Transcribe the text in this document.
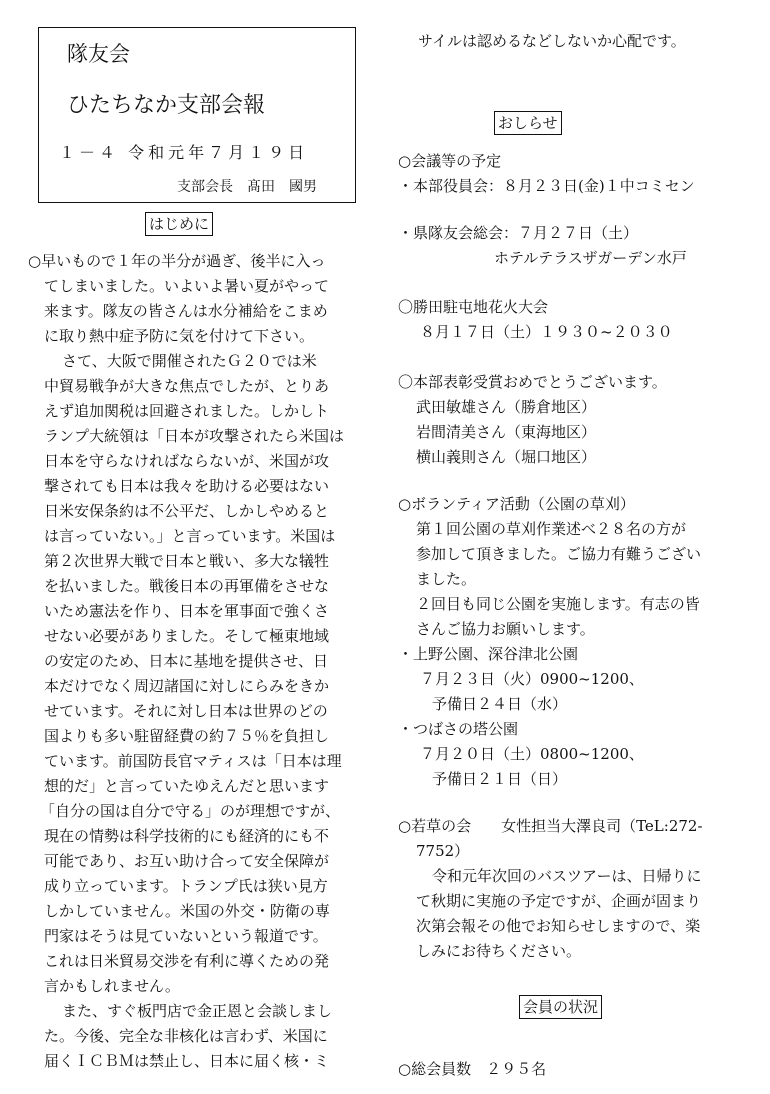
隊友会
ひたちなか支部会報
１－４ 令和元年７月１９日
支部会長　髙田　國男
はじめに
○早いもので１年の半分が過ぎ、後半に入っ
てしまいました。いよいよ暑い夏がやって
来ます。隊友の皆さんは水分補給をこまめ
に取り熱中症予防に気を付けて下さい。
さて、大阪で開催されたＧ２０では米
中貿易戦争が大きな焦点でしたが、とりあ
えず追加関税は回避されました。しかしト
ランプ大統領は「日本が攻撃されたら米国は
日本を守らなければならないが、米国が攻
撃されても日本は我々を助ける必要はない
日米安保条約は不公平だ、しかしやめると
は言っていない。」と言っています。米国は
第２次世界大戦で日本と戦い、多大な犠牲
を払いました。戦後日本の再軍備をさせな
いため憲法を作り、日本を軍事面で強くさ
せない必要がありました。そして極東地域
の安定のため、日本に基地を提供させ、日
本だけでなく周辺諸国に対しにらみをきか
せています。それに対し日本は世界のどの
国よりも多い駐留経費の約７５％を負担し
ています。前国防長官マティスは「日本は理
想的だ」と言っていたゆえんだと思います
「自分の国は自分で守る」のが理想ですが、
現在の情勢は科学技術的にも経済的にも不
可能であり、お互い助け合って安全保障が
成り立っています。トランプ氏は狭い見方
しかしていません。米国の外交・防衛の専
門家はそうは見ていないという報道です。
これは日米貿易交渉を有利に導くための発
言かもしれません。
また、すぐ板門店で金正恩と会談しまし
た。今後、完全な非核化は言わず、米国に
届くＩＣＢＭは禁止し、日本に届く核・ミ
サイルは認めるなどしないか心配です。
おしらせ
○会議等の予定
・本部役員会：８月２３日(金)１中コミセン
・県隊友会総会：７月２７日（土）
ホテルテラスザガーデン水戸
〇勝田駐屯地花火大会
８月１７日（土）１９３０~２０３０
〇本部表彰受賞おめでとうございます。
武田敏雄さん（勝倉地区）
岩間清美さん（東海地区）
横山義則さん（堀口地区）
○ボランティア活動（公園の草刈）
第１回公園の草刈作業述べ２８名の方が
参加して頂きました。ご協力有難うござい
ました。
２回目も同じ公園を実施します。有志の皆
さんご協力お願いします。
・上野公園、深谷津北公園
７月２３日（火）0900~1200、
予備日２４日（水）
・つばさの塔公園
７月２０日（土）0800~1200、
予備日２１日（日）
○若草の会　　女性担当大澤良司（TeL:272-
7752）
令和元年次回のバスツアーは、日帰りに
て秋期に実施の予定ですが、企画が固まり
次第会報その他でお知らせしますので、楽
しみにお待ちください。
会員の状況
○総会員数　２９５名
